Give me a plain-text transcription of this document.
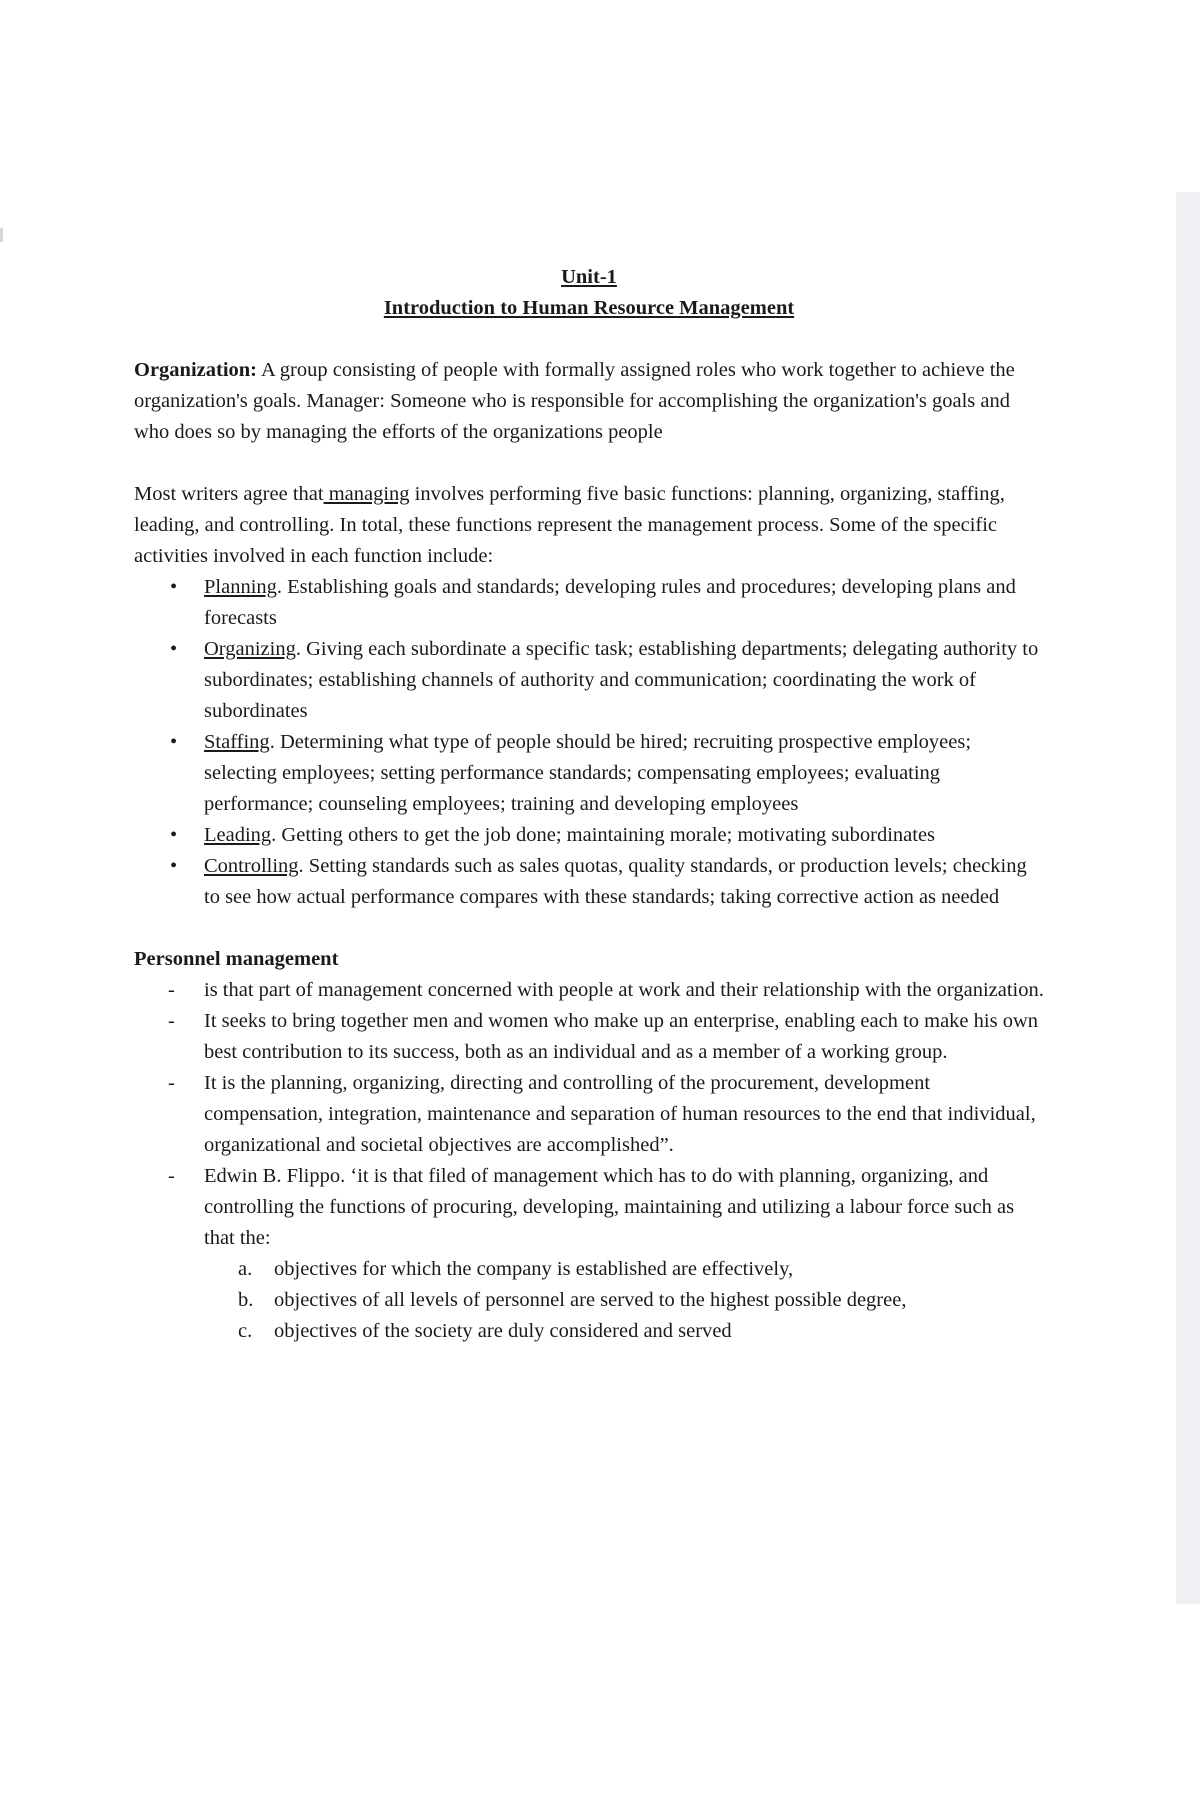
Unit-1

Introduction to Human Resource Management

Organization: A group consisting of people with formally assigned roles who work together to achieve the organization's goals. Manager: Someone who is responsible for accomplishing the organization's goals and who does so by managing the efforts of the organizations people

Most writers agree that managing involves performing five basic functions: planning, organizing, staffing, leading, and controlling. In total, these functions represent the management process. Some of the specific activities involved in each function include:

• Planning. Establishing goals and standards; developing rules and procedures; developing plans and forecasts
• Organizing. Giving each subordinate a specific task; establishing departments; delegating authority to subordinates; establishing channels of authority and communication; coordinating the work of subordinates
• Staffing. Determining what type of people should be hired; recruiting prospective employees; selecting employees; setting performance standards; compensating employees; evaluating performance; counseling employees; training and developing employees
• Leading. Getting others to get the job done; maintaining morale; motivating subordinates
• Controlling. Setting standards such as sales quotas, quality standards, or production levels; checking to see how actual performance compares with these standards; taking corrective action as needed

Personnel management

- is that part of management concerned with people at work and their relationship with the organization.
- It seeks to bring together men and women who make up an enterprise, enabling each to make his own best contribution to its success, both as an individual and as a member of a working group.
- It is the planning, organizing, directing and controlling of the procurement, development compensation, integration, maintenance and separation of human resources to the end that individual, organizational and societal objectives are accomplished”.
- Edwin B. Flippo. ‘it is that filed of management which has to do with planning, organizing, and controlling the functions of procuring, developing, maintaining and utilizing a labour force such as that the:
a. objectives for which the company is established are effectively,
b. objectives of all levels of personnel are served to the highest possible degree,
c. objectives of the society are duly considered and served
